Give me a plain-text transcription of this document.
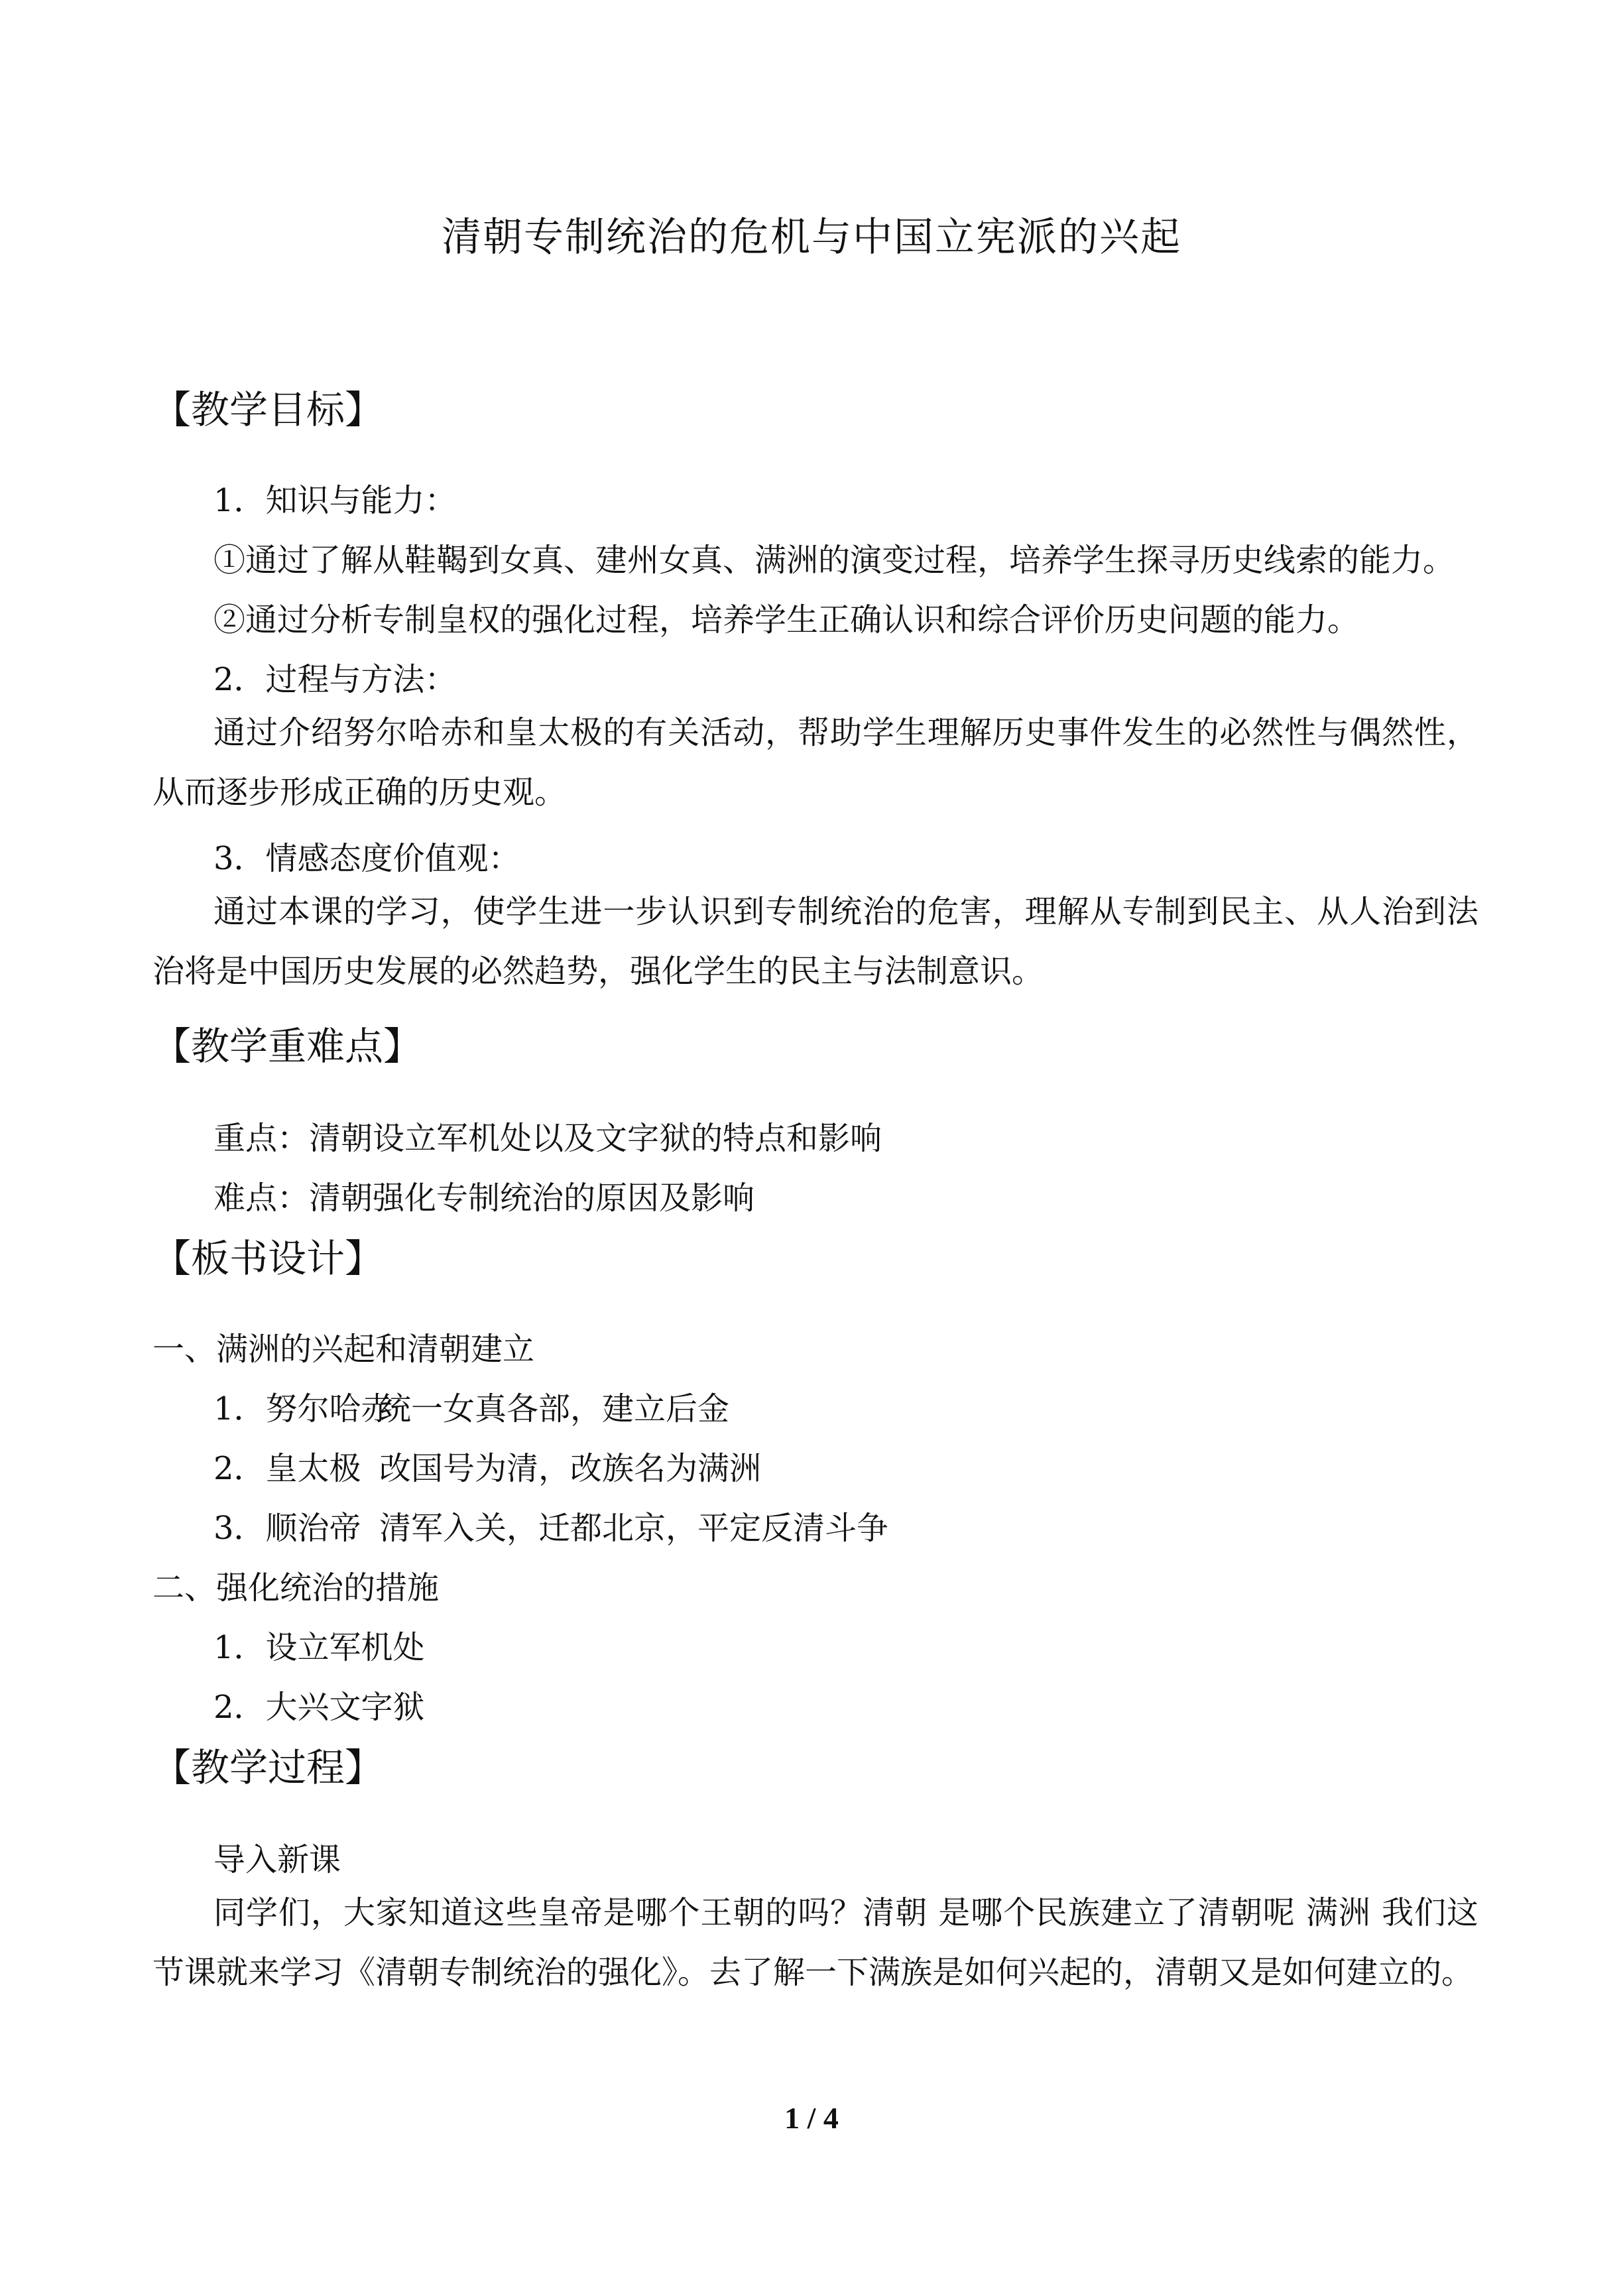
清朝专制统治的危机与中国立宪派的兴起
【教学目标】
1．知识与能力：
①通过了解从鞋鞨到女真、建州女真、满洲的演变过程，培养学生探寻历史线索的能力。
②通过分析专制皇权的强化过程，培养学生正确认识和综合评价历史问题的能力。
2．过程与方法：

通过介绍努尔哈赤和皇太极的有关活动，帮助学生理解历史事件发生的必然性与偶然性，从而逐步形成正确的历史观。

3．情感态度价值观：

通过本课的学习，使学生进一步认识到专制统治的危害，理解从专制到民主、从人治到法治将是中国历史发展的必然趋势，强化学生的民主与法制意识。

【教学重难点】
重点：清朝设立军机处以及文字狱的特点和影响
难点：清朝强化专制统治的原因及影响
【板书设计】
一、满洲的兴起和清朝建立
1．努尔哈赤统一女真各部，建立后金
2．皇太极 改国号为清，改族名为满洲
3．顺治帝 清军入关，迁都北京，平定反清斗争
二、强化统治的措施
1．设立军机处
2．大兴文字狱
【教学过程】
导入新课

同学们，大家知道这些皇帝是哪个王朝的吗？清朝 是哪个民族建立了清朝呢 满洲 我们这节课就来学习《清朝专制统治的强化》。去了解一下满族是如何兴起的，清朝又是如何建立的。

1 / 4
